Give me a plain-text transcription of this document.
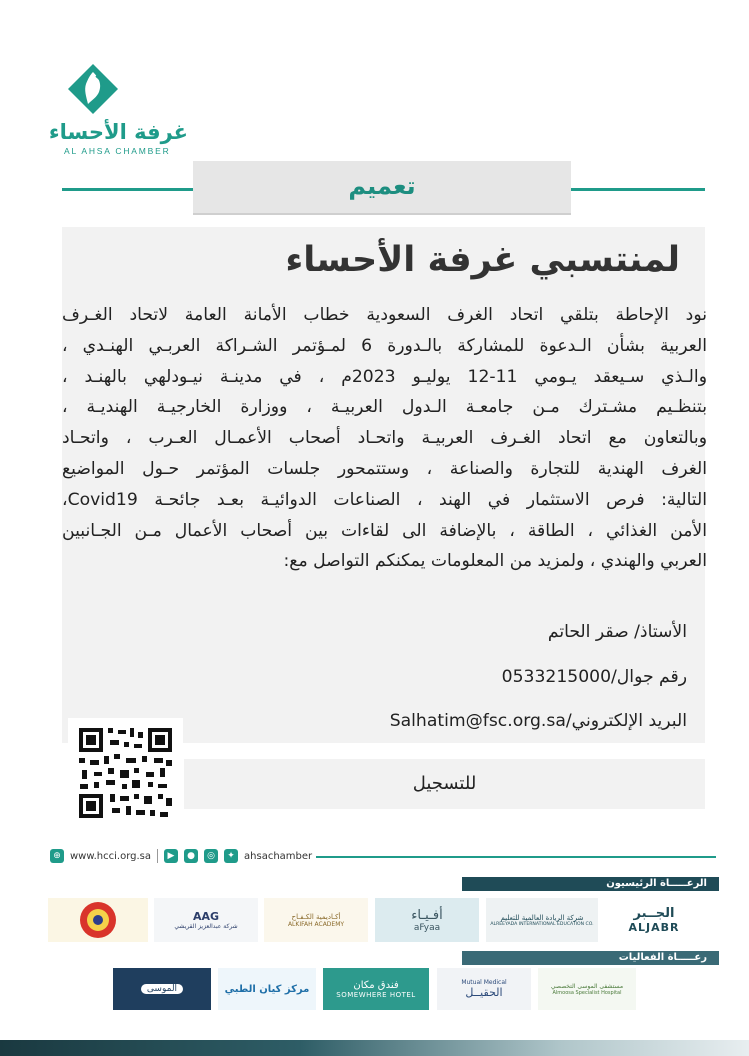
غرفة الأحساء
AL AHSA CHAMBER
تعميم
لمنتسبي غرفة الأحساء

نود الإحاطة بتلقي اتحاد الغرف السعودية خطاب الأمانة العامة لاتحاد الغـرف

العربية بشأن الـدعوة للمشاركة بالـدورة 6 لمـؤتمر الشـراكة العربـي الهنـدي ،

والـذي سـيعقد يـومي 11-12 يوليـو 2023م ، في مدينـة نيـودلهي بالهنـد ،

بتنظـيم مشـترك مـن جامعـة الـدول العربيـة ، ووزارة الخارجيـة الهنديـة ،

وبالتعاون مع اتحاد الغـرف العربيـة واتحـاد أصحاب الأعمـال العـرب ، واتحـاد

الغرف الهندية للتجارة والصناعة ، وستتمحور جلسات المؤتمر حـول المواضيع

التالية: فرص الاستثمار في الهند ، الصناعات الدوائيـة بعـد جائحـة Covid19،

الأمن الغذائي ، الطاقة ، بالإضافة الى لقاءات بين أصحاب الأعمال مـن الجـانبين

العربي والهندي ، ولمزيد من المعلومات يمكنكم التواصل مع:

الأستاذ/ صقر الحاتم
رقم جوال/0533215000
البريد الإلكتروني/Salhatim@fsc.org.sa
للتسجيل
⊕ www.hcci.org.sa	▶	●	◎	✦ ahsachamber
الرعـــــاة الرئيسيون
الجــبر
ALJABR
شركة الريادة العالمية للتعليم
ALREEYADA INTERNATIONAL EDUCATION CO.
أفـيـاء
aFyaa
أكـاديمية الكـفـاح
ALKIFAH ACADEMY
AAG
شركة عبدالعزيز القريشي
رعـــــاة الفعاليات
مستشفى الموسى التخصصي
Almoosa Specialist Hospital
Mutual Medical
الحقيــل
فندق مكان
SOMEWHERE HOTEL
مركز كيان الطبي
الموسى
